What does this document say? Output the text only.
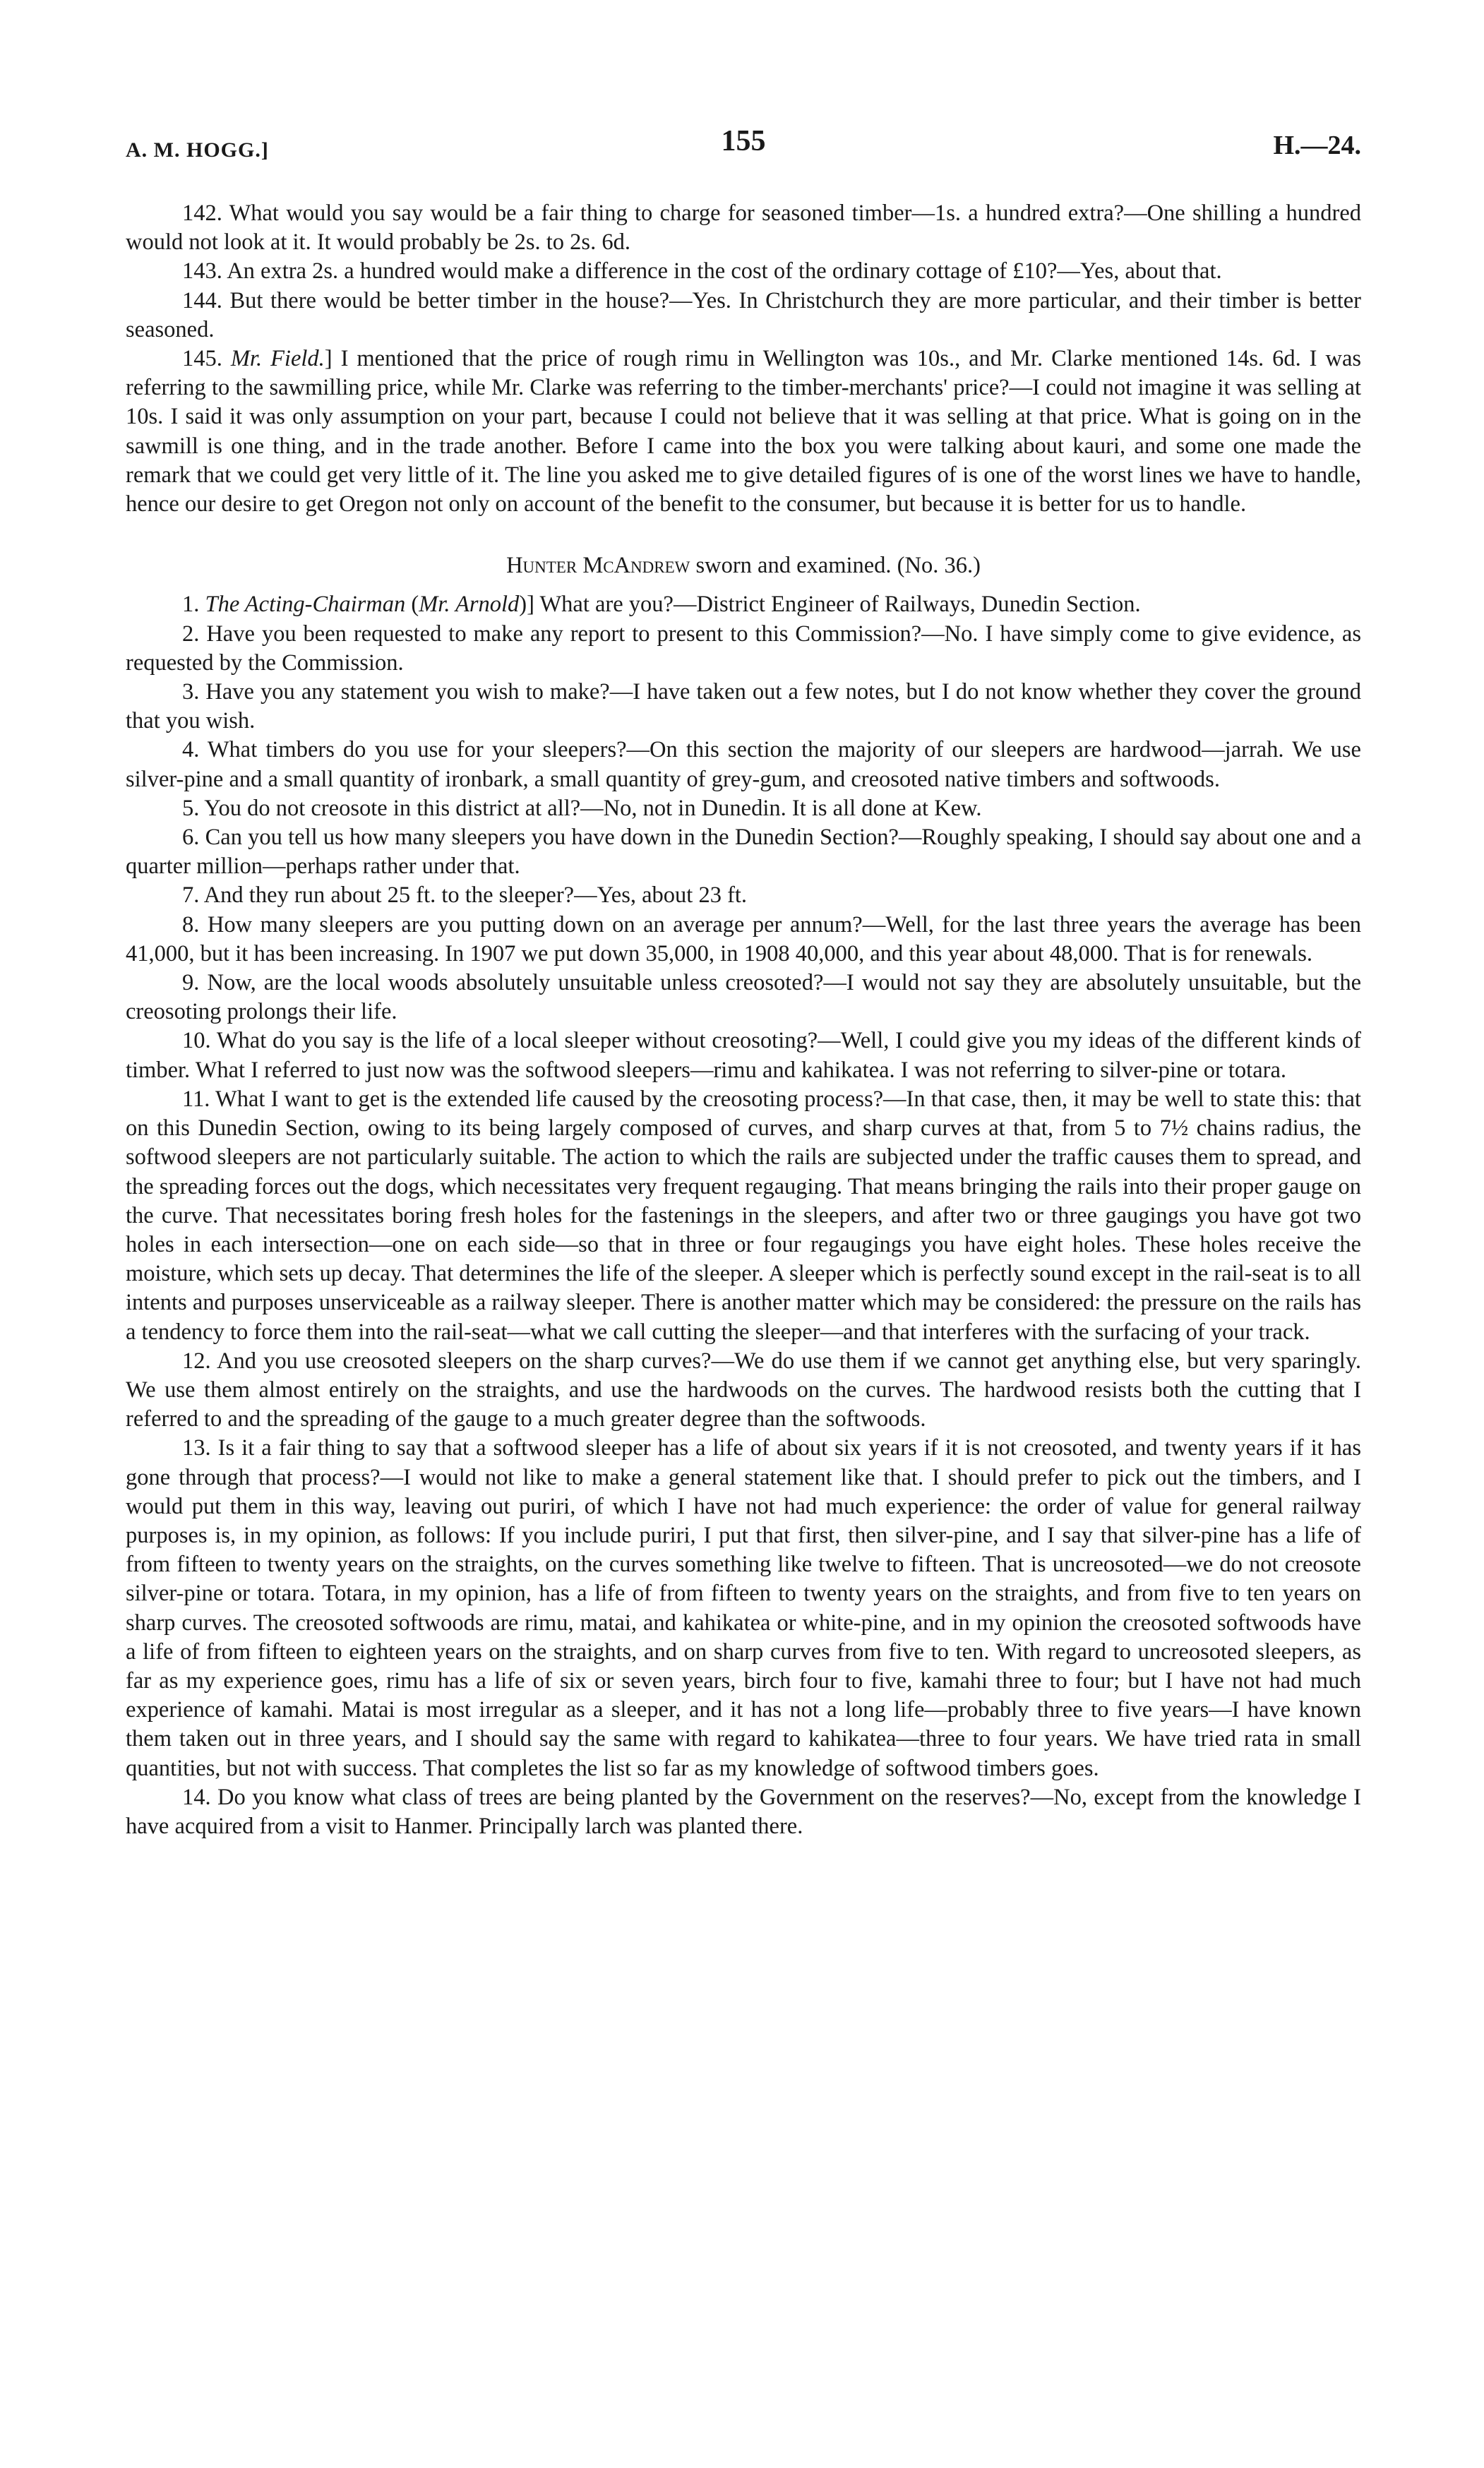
A. M. HOGG.]	155	H.—24.

142. What would you say would be a fair thing to charge for seasoned timber—1s. a hundred extra?—One shilling a hundred would not look at it. It would probably be 2s. to 2s. 6d.

143. An extra 2s. a hundred would make a difference in the cost of the ordinary cottage of £10?—Yes, about that.

144. But there would be better timber in the house?—Yes. In Christchurch they are more particular, and their timber is better seasoned.

145. Mr. Field.] I mentioned that the price of rough rimu in Wellington was 10s., and Mr. Clarke mentioned 14s. 6d. I was referring to the sawmilling price, while Mr. Clarke was referring to the timber-merchants' price?—I could not imagine it was selling at 10s. I said it was only assumption on your part, because I could not believe that it was selling at that price. What is going on in the sawmill is one thing, and in the trade another. Before I came into the box you were talking about kauri, and some one made the remark that we could get very little of it. The line you asked me to give detailed figures of is one of the worst lines we have to handle, hence our desire to get Oregon not only on account of the benefit to the consumer, but because it is better for us to handle.

Hunter McAndrew sworn and examined. (No. 36.)

1. The Acting-Chairman (Mr. Arnold)] What are you?—District Engineer of Railways, Dunedin Section.

2. Have you been requested to make any report to present to this Commission?—No. I have simply come to give evidence, as requested by the Commission.

3. Have you any statement you wish to make?—I have taken out a few notes, but I do not know whether they cover the ground that you wish.

4. What timbers do you use for your sleepers?—On this section the majority of our sleepers are hardwood—jarrah. We use silver-pine and a small quantity of ironbark, a small quantity of grey-gum, and creosoted native timbers and softwoods.

5. You do not creosote in this district at all?—No, not in Dunedin. It is all done at Kew.

6. Can you tell us how many sleepers you have down in the Dunedin Section?—Roughly speaking, I should say about one and a quarter million—perhaps rather under that.

7. And they run about 25 ft. to the sleeper?—Yes, about 23 ft.

8. How many sleepers are you putting down on an average per annum?—Well, for the last three years the average has been 41,000, but it has been increasing. In 1907 we put down 35,000, in 1908 40,000, and this year about 48,000. That is for renewals.

9. Now, are the local woods absolutely unsuitable unless creosoted?—I would not say they are absolutely unsuitable, but the creosoting prolongs their life.

10. What do you say is the life of a local sleeper without creosoting?—Well, I could give you my ideas of the different kinds of timber. What I referred to just now was the softwood sleepers—rimu and kahikatea. I was not referring to silver-pine or totara.

11. What I want to get is the extended life caused by the creosoting process?—In that case, then, it may be well to state this: that on this Dunedin Section, owing to its being largely composed of curves, and sharp curves at that, from 5 to 7½ chains radius, the softwood sleepers are not particularly suitable. The action to which the rails are subjected under the traffic causes them to spread, and the spreading forces out the dogs, which necessitates very frequent regauging. That means bringing the rails into their proper gauge on the curve. That necessitates boring fresh holes for the fastenings in the sleepers, and after two or three gaugings you have got two holes in each intersection—one on each side—so that in three or four regaugings you have eight holes. These holes receive the moisture, which sets up decay. That determines the life of the sleeper. A sleeper which is perfectly sound except in the rail-seat is to all intents and purposes unserviceable as a railway sleeper. There is another matter which may be considered: the pressure on the rails has a tendency to force them into the rail-seat—what we call cutting the sleeper—and that interferes with the surfacing of your track.

12. And you use creosoted sleepers on the sharp curves?—We do use them if we cannot get anything else, but very sparingly. We use them almost entirely on the straights, and use the hardwoods on the curves. The hardwood resists both the cutting that I referred to and the spreading of the gauge to a much greater degree than the softwoods.

13. Is it a fair thing to say that a softwood sleeper has a life of about six years if it is not creosoted, and twenty years if it has gone through that process?—I would not like to make a general statement like that. I should prefer to pick out the timbers, and I would put them in this way, leaving out puriri, of which I have not had much experience: the order of value for general railway purposes is, in my opinion, as follows: If you include puriri, I put that first, then silver-pine, and I say that silver-pine has a life of from fifteen to twenty years on the straights, on the curves something like twelve to fifteen. That is uncreosoted—we do not creosote silver-pine or totara. Totara, in my opinion, has a life of from fifteen to twenty years on the straights, and from five to ten years on sharp curves. The creosoted softwoods are rimu, matai, and kahikatea or white-pine, and in my opinion the creosoted softwoods have a life of from fifteen to eighteen years on the straights, and on sharp curves from five to ten. With regard to uncreosoted sleepers, as far as my experience goes, rimu has a life of six or seven years, birch four to five, kamahi three to four; but I have not had much experience of kamahi. Matai is most irregular as a sleeper, and it has not a long life—probably three to five years—I have known them taken out in three years, and I should say the same with regard to kahikatea—three to four years. We have tried rata in small quantities, but not with success. That completes the list so far as my knowledge of softwood timbers goes.

14. Do you know what class of trees are being planted by the Government on the reserves?—No, except from the knowledge I have acquired from a visit to Hanmer. Principally larch was planted there.
